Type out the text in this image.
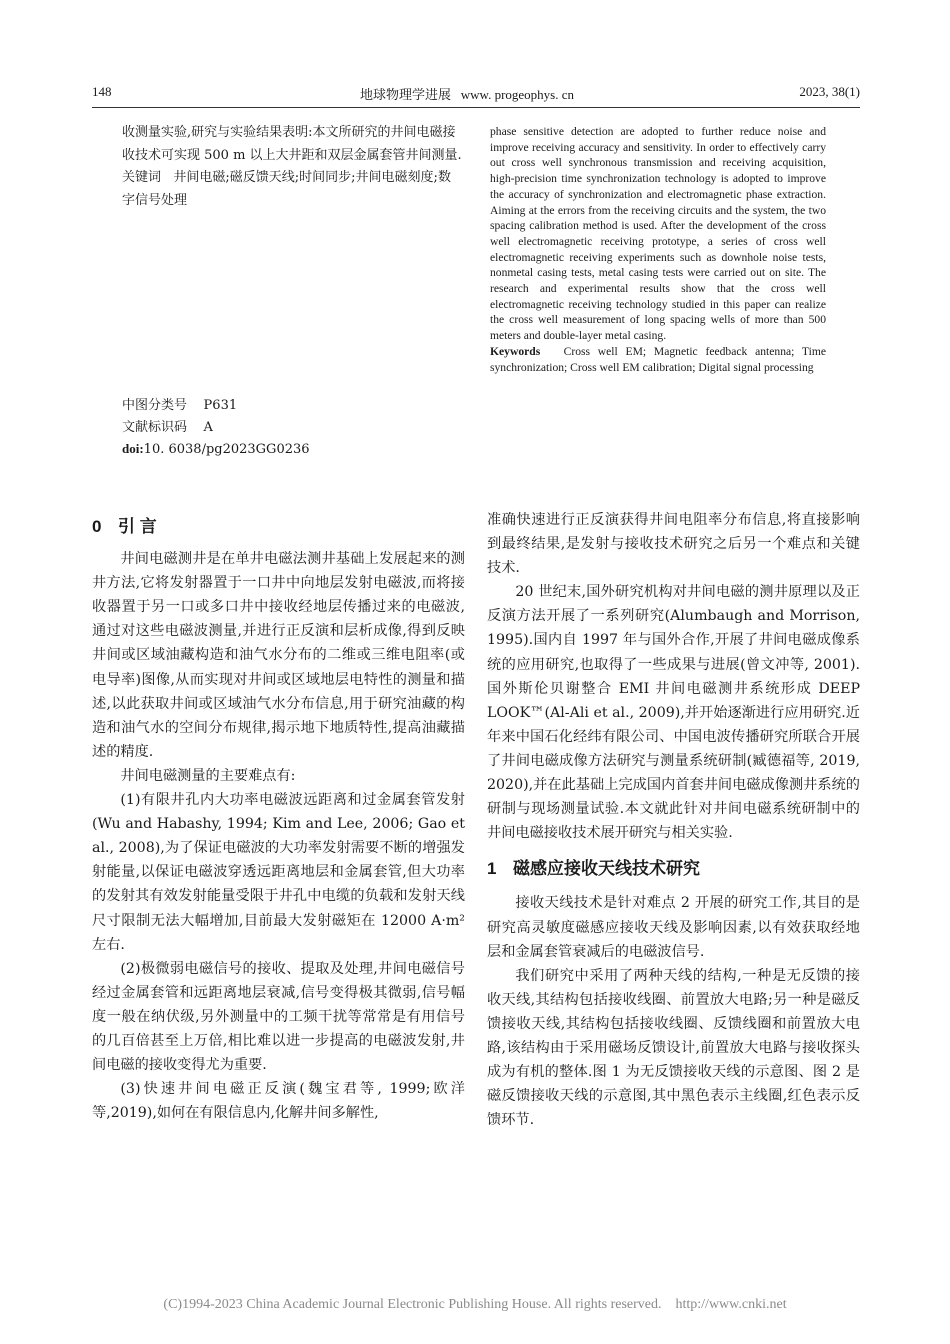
148	地球物理学进展 www. progeophys. cn	2023, 38(1)

收测量实验,研究与实验结果表明:本文所研究的井间电磁接收技术可实现 500 m 以上大井距和双层金属套管井间测量.

关键词 井间电磁;磁反馈天线;时间同步;井间电磁刻度;数字信号处理

中图分类号 P631
文献标识码 A
doi:10. 6038/pg2023GG0236

phase sensitive detection are adopted to further reduce noise and improve receiving accuracy and sensitivity. In order to effectively carry out cross well synchronous transmission and receiving acquisition, high-precision time synchronization technology is adopted to improve the accuracy of synchronization and electromagnetic phase extraction. Aiming at the errors from the receiving circuits and the system, the two spacing calibration method is used. After the development of the cross well electromagnetic receiving prototype, a series of cross well electromagnetic receiving experiments such as downhole noise tests, nonmetal casing tests, metal casing tests were carried out on site. The research and experimental results show that the cross well electromagnetic receiving technology studied in this paper can realize the cross well measurement of long spacing wells of more than 500 meters and double-layer metal casing.

Keywords Cross well EM; Magnetic feedback antenna; Time synchronization; Cross well EM calibration; Digital signal processing

0 引 言

井间电磁测井是在单井电磁法测井基础上发展起来的测井方法,它将发射器置于一口井中向地层发射电磁波,而将接收器置于另一口或多口井中接收经地层传播过来的电磁波,通过对这些电磁波测量,并进行正反演和层析成像,得到反映井间或区域油藏构造和油气水分布的二维或三维电阻率(或电导率)图像,从而实现对井间或区域地层电特性的测量和描述,以此获取井间或区域油气水分布信息,用于研究油藏的构造和油气水的空间分布规律,揭示地下地质特性,提高油藏描述的精度.

井间电磁测量的主要难点有:

(1)有限井孔内大功率电磁波远距离和过金属套管发射(Wu and Habashy, 1994; Kim and Lee, 2006; Gao et al., 2008),为了保证电磁波的大功率发射需要不断的增强发射能量,以保证电磁波穿透远距离地层和金属套管,但大功率的发射其有效发射能量受限于井孔中电缆的负载和发射天线尺寸限制无法大幅增加,目前最大发射磁矩在 12000 A·m² 左右.

(2)极微弱电磁信号的接收、提取及处理,井间电磁信号经过金属套管和远距离地层衰减,信号变得极其微弱,信号幅度一般在纳伏级,另外测量中的工频干扰等常常是有用信号的几百倍甚至上万倍,相比难以进一步提高的电磁波发射,井间电磁的接收变得尤为重要.

(3)快速井间电磁正反演(魏宝君等, 1999;欧洋等,2019),如何在有限信息内,化解井间多解性,

准确快速进行正反演获得井间电阻率分布信息,将直接影响到最终结果,是发射与接收技术研究之后另一个难点和关键技术.

20 世纪末,国外研究机构对井间电磁的测井原理以及正反演方法开展了一系列研究(Alumbaugh and Morrison, 1995).国内自 1997 年与国外合作,开展了井间电磁成像系统的应用研究,也取得了一些成果与进展(曾文冲等, 2001).国外斯伦贝谢整合 EMI 井间电磁测井系统形成 DEEP LOOK™(Al-Ali et al., 2009),并开始逐渐进行应用研究.近年来中国石化经纬有限公司、中国电波传播研究所联合开展了井间电磁成像方法研究与测量系统研制(臧德福等, 2019, 2020),并在此基础上完成国内首套井间电磁成像测井系统的研制与现场测量试验.本文就此针对井间电磁系统研制中的井间电磁接收技术展开研究与相关实验.

1 磁感应接收天线技术研究

接收天线技术是针对难点 2 开展的研究工作,其目的是研究高灵敏度磁感应接收天线及影响因素,以有效获取经地层和金属套管衰减后的电磁波信号.

我们研究中采用了两种天线的结构,一种是无反馈的接收天线,其结构包括接收线圈、前置放大电路;另一种是磁反馈接收天线,其结构包括接收线圈、反馈线圈和前置放大电路,该结构由于采用磁场反馈设计,前置放大电路与接收探头成为有机的整体.图 1 为无反馈接收天线的示意图、图 2 是磁反馈接收天线的示意图,其中黑色表示主线圈,红色表示反馈环节.

(C)1994-2023 China Academic Journal Electronic Publishing House. All rights reserved. http://www.cnki.net
